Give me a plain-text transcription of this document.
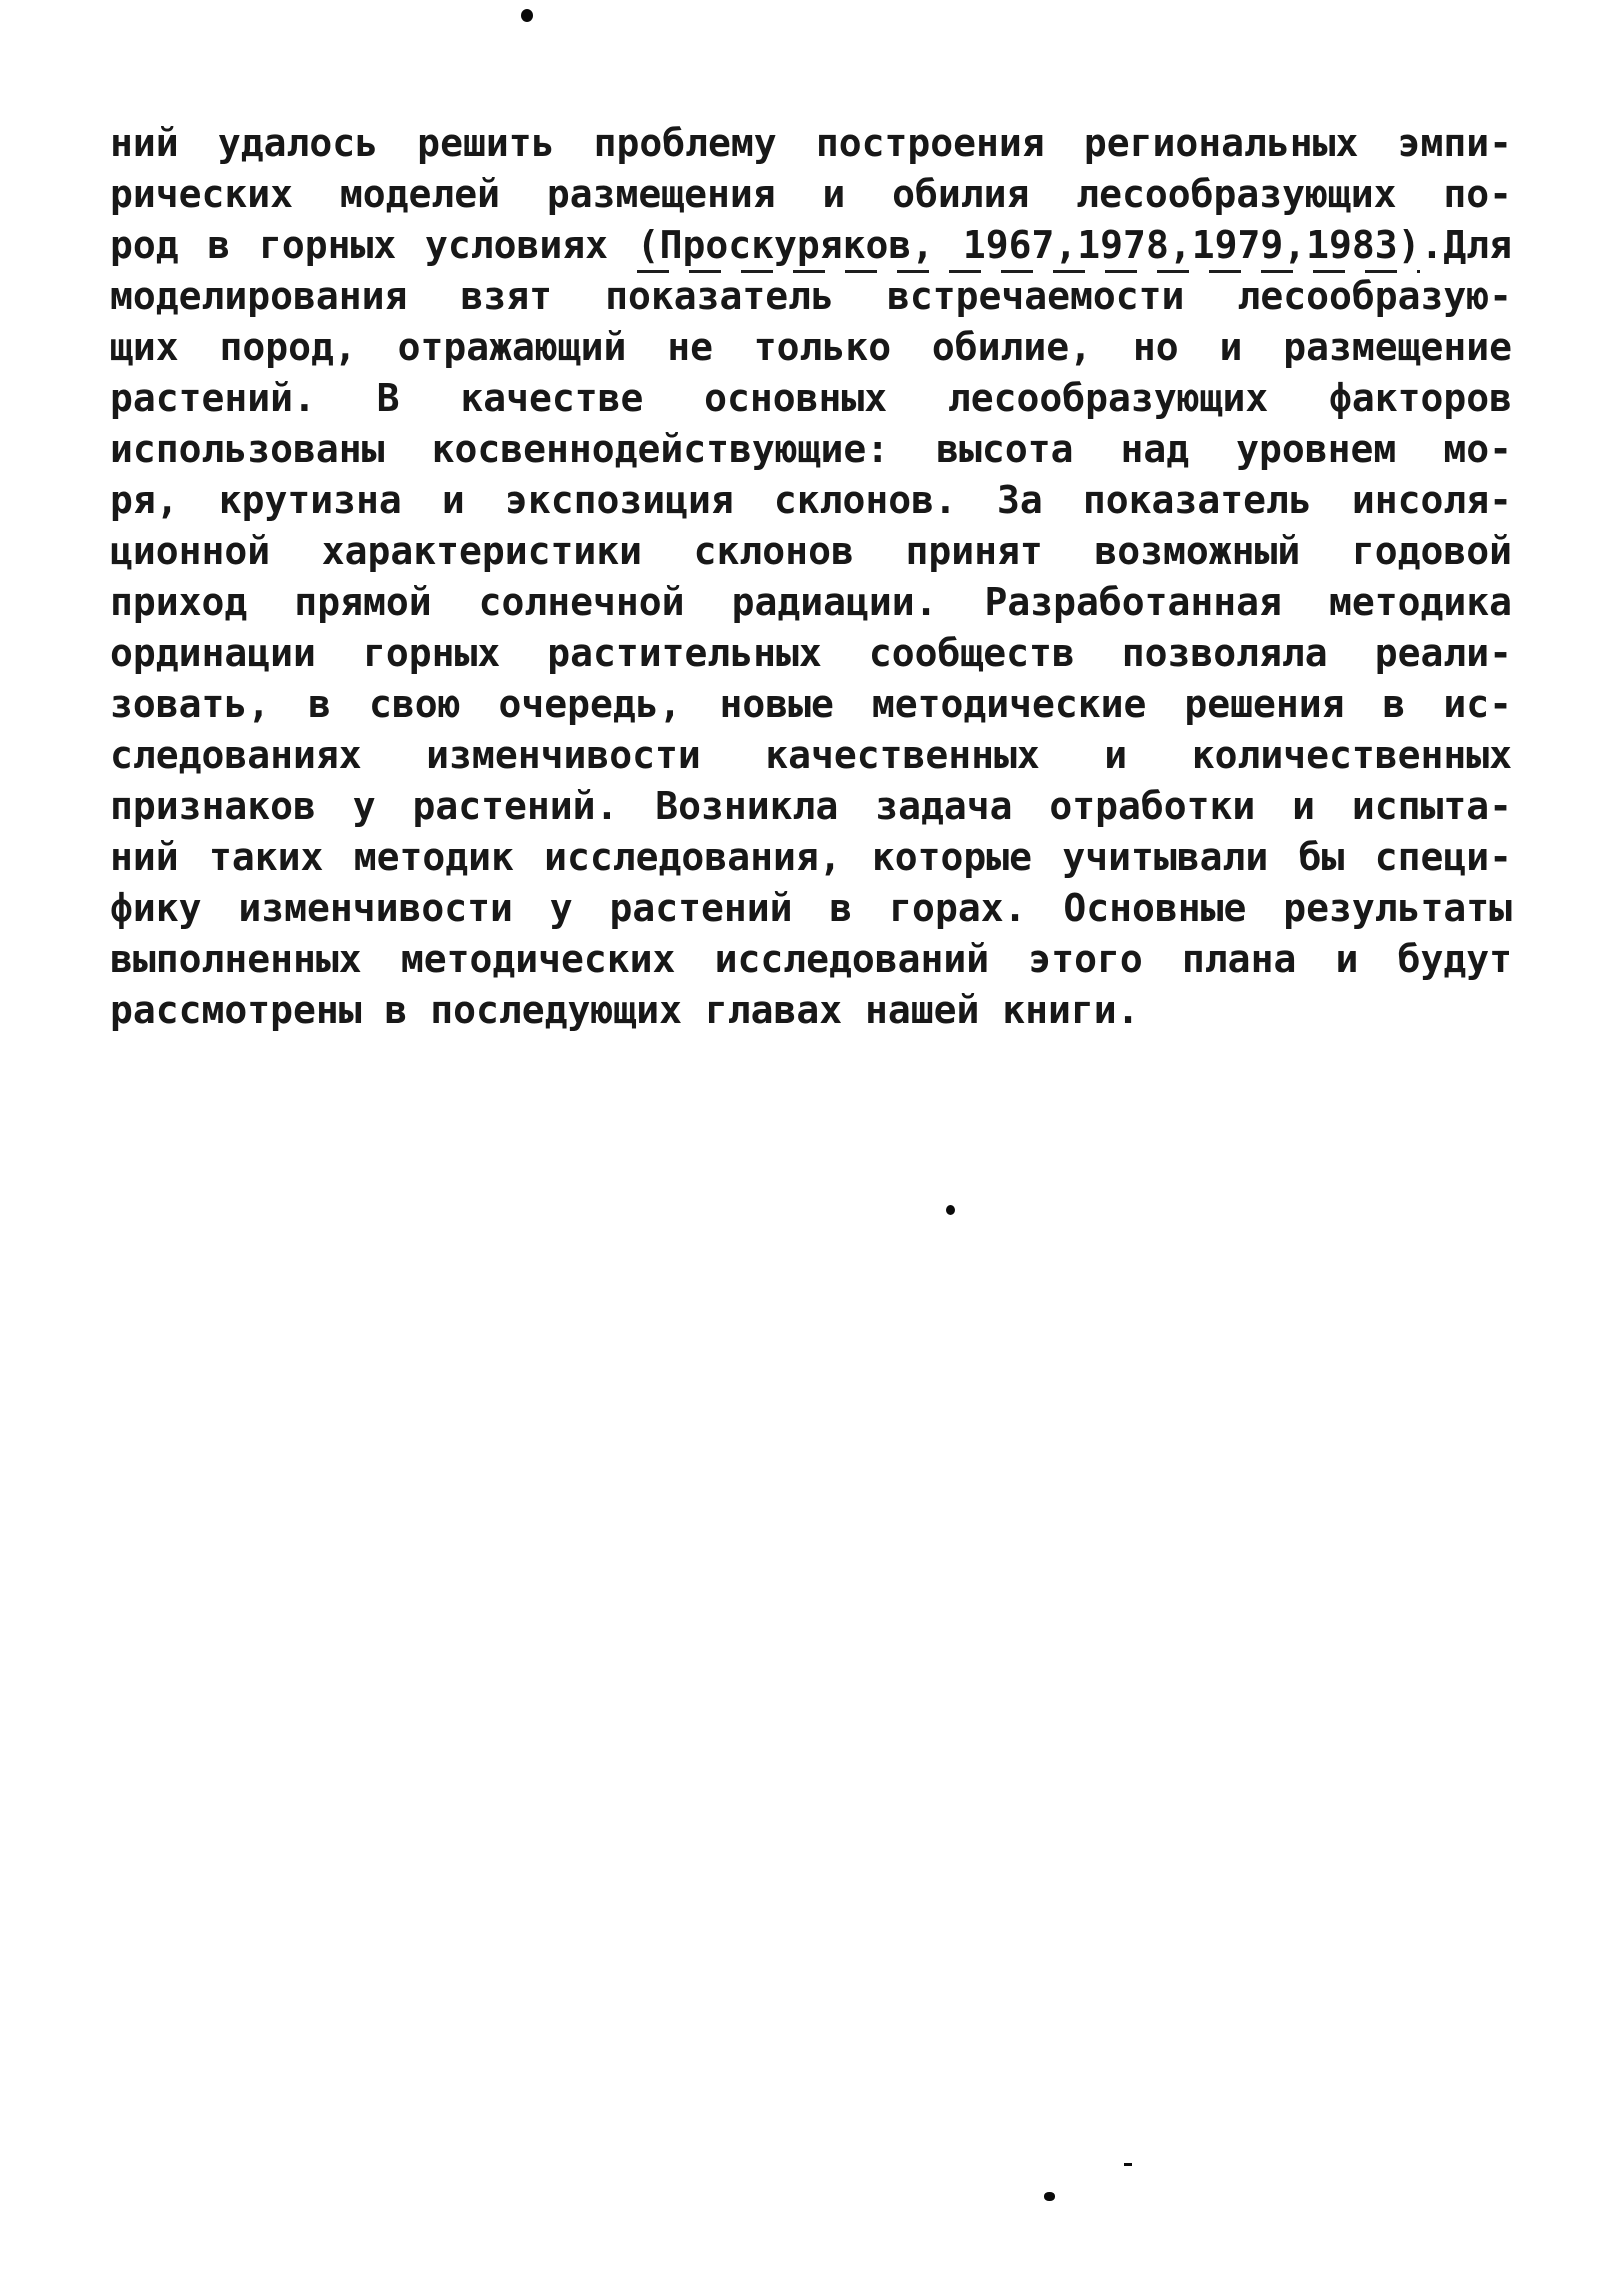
ний удалось решить проблему построения региональных эмпи-
рических моделей размещения и обилия лесообразующих по-
род в горных условиях (Проскуряков, 1967,1978,1979,1983).Для
моделирования взят показатель встречаемости лесообразую-
щих пород, отражающий не только обилие, но и размещение
растений. В качестве основных лесообразующих факторов
использованы косвеннодействующие: высота над уровнем мо-
ря, крутизна и экспозиция склонов. За показатель инсоля-
ционной характеристики склонов принят возможный годовой
приход прямой солнечной радиации. Разработанная методика
ординации горных растительных сообществ позволяла реали-
зовать, в свою очередь, новые методические решения в ис-
следованиях изменчивости качественных и количественных
признаков у растений. Возникла задача отработки и испыта-
ний таких методик исследования, которые учитывали бы специ-
фику изменчивости у растений в горах. Основные результаты
выполненных методических исследований этого плана и будут
рассмотрены в последующих главах нашей книги.
